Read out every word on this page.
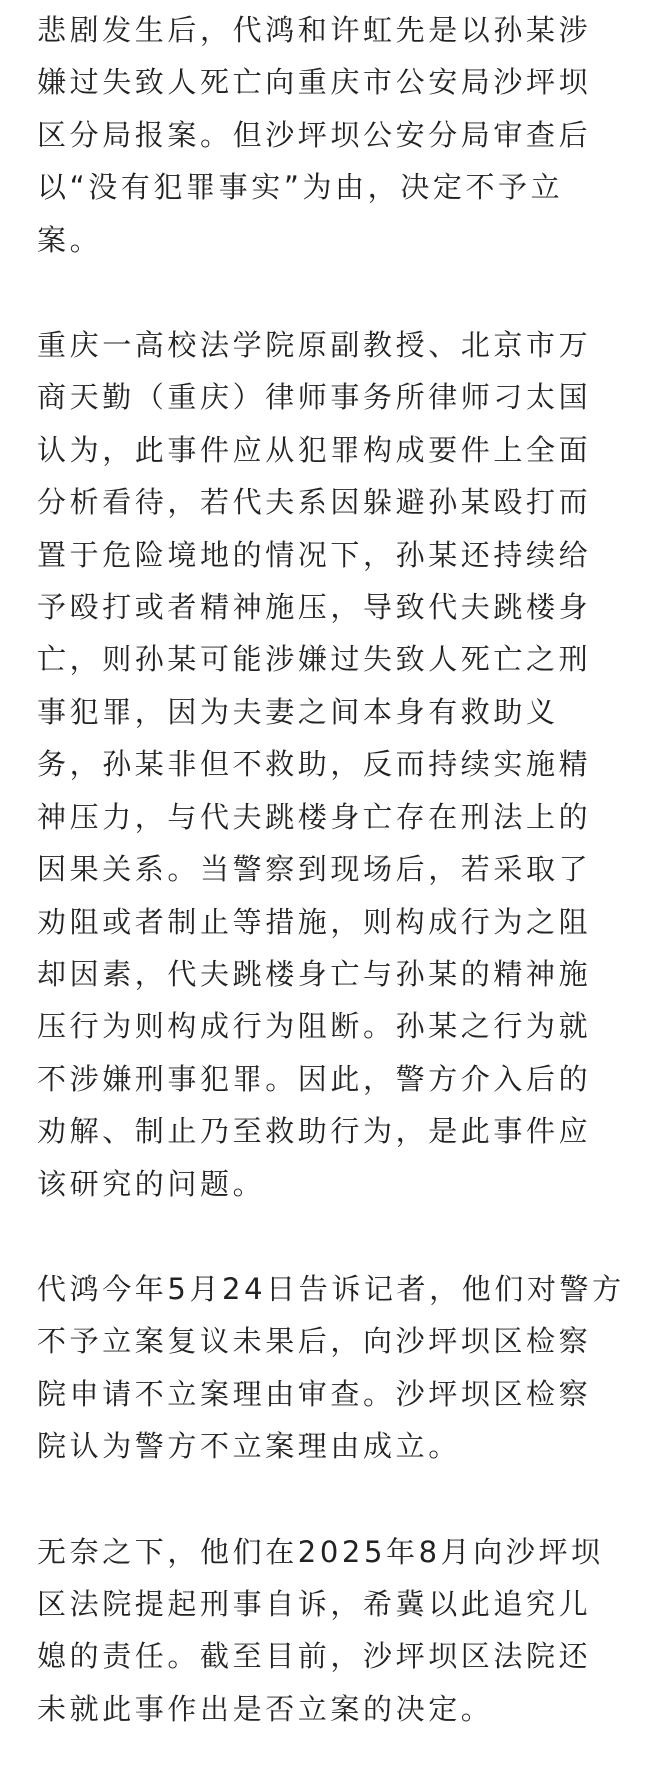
悲剧发生后，代鸿和许虹先是以孙某涉
嫌过失致人死亡向重庆市公安局沙坪坝
区分局报案。但沙坪坝公安分局审查后
以“没有犯罪事实”为由，决定不予立
案。

重庆一高校法学院原副教授、北京市万
商天勤（重庆）律师事务所律师刁太国
认为，此事件应从犯罪构成要件上全面
分析看待，若代夫系因躲避孙某殴打而
置于危险境地的情况下，孙某还持续给
予殴打或者精神施压，导致代夫跳楼身
亡，则孙某可能涉嫌过失致人死亡之刑
事犯罪，因为夫妻之间本身有救助义
务，孙某非但不救助，反而持续实施精
神压力，与代夫跳楼身亡存在刑法上的
因果关系。当警察到现场后，若采取了
劝阻或者制止等措施，则构成行为之阻
却因素，代夫跳楼身亡与孙某的精神施
压行为则构成行为阻断。孙某之行为就
不涉嫌刑事犯罪。因此，警方介入后的
劝解、制止乃至救助行为，是此事件应
该研究的问题。

代鸿今年5月24日告诉记者，他们对警方
不予立案复议未果后，向沙坪坝区检察
院申请不立案理由审查。沙坪坝区检察
院认为警方不立案理由成立。

无奈之下，他们在2025年8月向沙坪坝
区法院提起刑事自诉，希冀以此追究儿
媳的责任。截至目前，沙坪坝区法院还
未就此事作出是否立案的决定。
